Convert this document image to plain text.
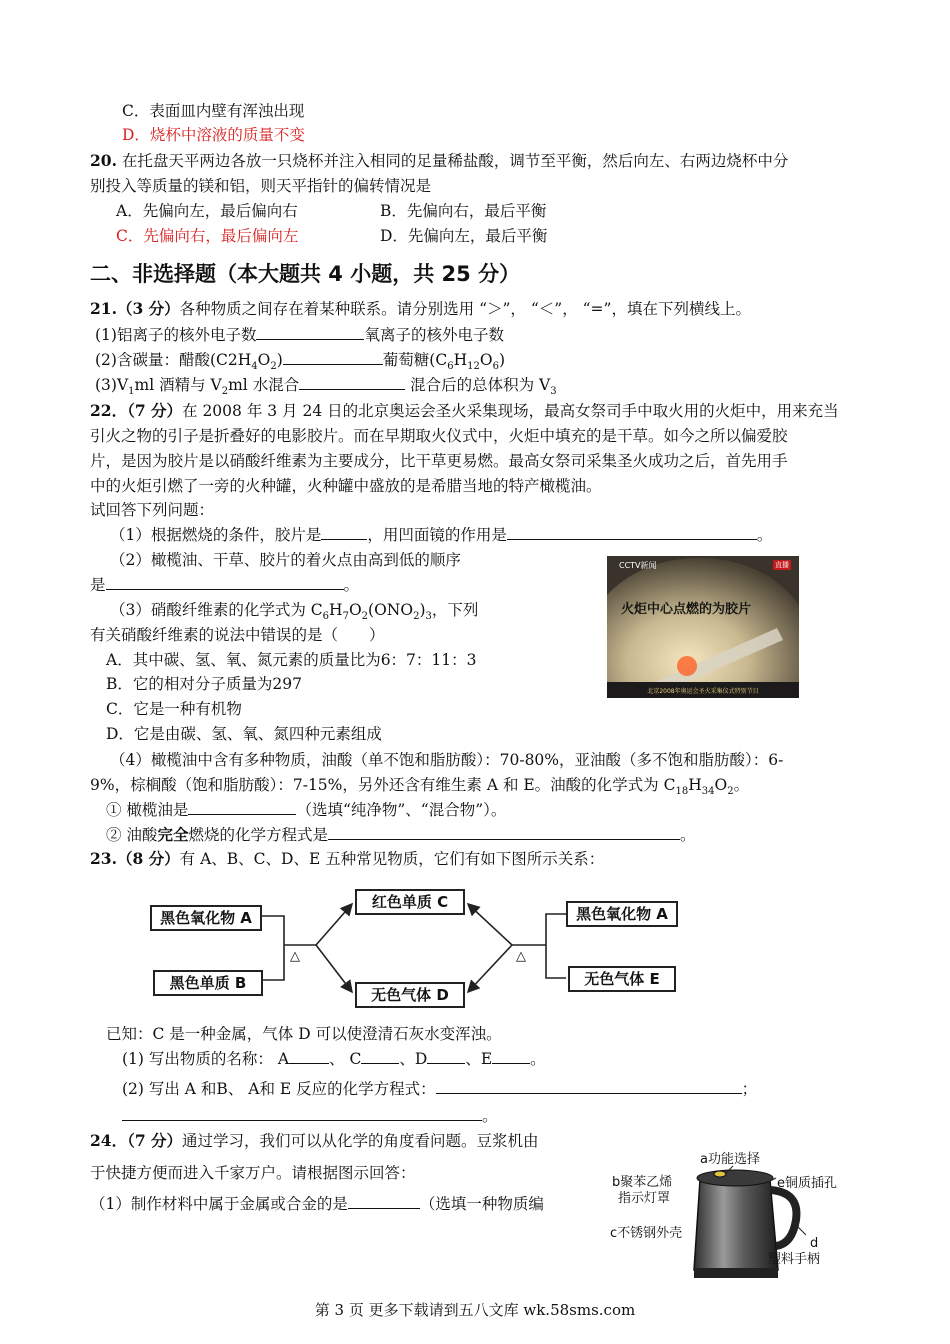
C．表面皿内壁有浑浊出现
D．烧杯中溶液的质量不变
20. 在托盘天平两边各放一只烧杯并注入相同的足量稀盐酸，调节至平衡，然后向左、右两边烧杯中分
别投入等质量的镁和铝，则天平指针的偏转情况是
A．先偏向左，最后偏向右	B．先偏向右，最后平衡
C．先偏向右，最后偏向左	D．先偏向左，最后平衡
二、非选择题（本大题共 4 小题，共 25 分）
21.（3 分）各种物质之间存在着某种联系。请分别选用 “＞”， “＜”， “=”，填在下列横线上。
(1)铝离子的核外电子数	氧离子的核外电子数
(2)含碳量：醋酸$(C2H_4O_2)$	葡萄糖$(C_6H_{12}O_6)$
$(3)V_1ml$ 酒精与 $V_2ml$ 水混合	混合后的总体积为 $V_3$
22．（7 分）在 2008 年 3 月 24 日的北京奥运会圣火采集现场，最高女祭司手中取火用的火炬中，用来充当
引火之物的引子是折叠好的电影胶片。而在早期取火仪式中，火炬中填充的是干草。如今之所以偏爱胶
片，是因为胶片是以硝酸纤维素为主要成分，比干草更易燃。最高女祭司采集圣火成功之后，首先用手
中的火炬引燃了一旁的火种罐，火种罐中盛放的是希腊当地的特产橄榄油。
试回答下列问题：
（1）根据燃烧的条件，胶片是	，用凹面镜的作用是	。
（2）橄榄油、干草、胶片的着火点由高到低的顺序
是	。
（3）硝酸纤维素的化学式为 $C_6H_7O_2(ONO_2)_3$，下列
有关硝酸纤维素的说法中错误的是（　　）
A．其中碳、氢、氧、氮元素的质量比为6：7：11：3
B．它的相对分子质量为297
C．它是一种有机物
D．它是由碳、氢、氧、氮四种元素组成
（4）橄榄油中含有多种物质，油酸（单不饱和脂肪酸）：70-80%，亚油酸（多不饱和脂肪酸）：6-
9%，棕榈酸（饱和脂肪酸）：7-15%，另外还含有维生素 A 和 E。油酸的化学式为 $C_{18}H_{34}O_2$。
① 橄榄油是	（选填“纯净物”、“混合物”）。
② 油酸完全燃烧的化学方程式是	。
CCTV新闻	直播
火炬中心点燃的为胶片
北京2008年奥运会圣火采集仪式特别节目
23.（8 分）有 A、B、C、D、E 五种常见物质，它们有如下图所示关系：
黑色氧化物 A
黑色单质 B
红色单质 C
无色气体 D
黑色氧化物 A
无色气体 E
△	△
已知：C 是一种金属，气体 D 可以使澄清石灰水变浑浊。
(1) 写出物质的名称： A	、 C 、D 、E 。
(2) 写出 A 和B、 A和 E 反应的化学方程式：	；
。
24．（7 分）通过学习，我们可以从化学的角度看问题。豆浆机由
于快捷方便而进入千家万户。请根据图示回答：
（1）制作材料中属于金属或合金的是	（选填一种物质编
a功能选择
b聚苯乙烯
指示灯罩
e铜质插孔
c不锈钢外壳
d
塑料手柄
第 3 页 更多下载请到五八文库 wk.58sms.com
